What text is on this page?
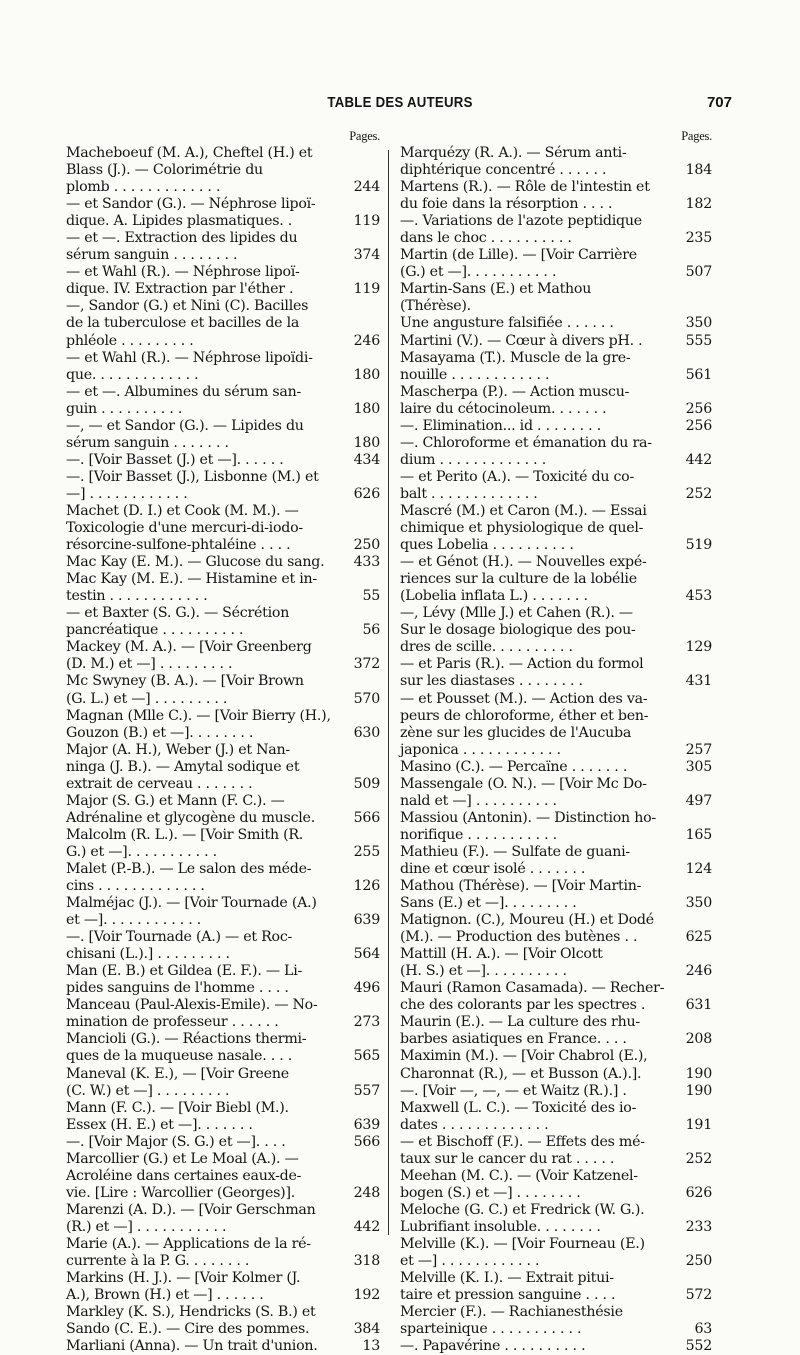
TABLE DES AUTEURS	707
Pages.
Macheboeuf (M. A.), Cheftel (H.) et
Blass (J.). — Colorimétrie du
plomb . . . . . . . . . . . . .	244
— et Sandor (G.). — Néphrose lipoï-
dique. A. Lipides plasmatiques. .	119
— et —. Extraction des lipides du
sérum sanguin . . . . . . . .	374
— et Wahl (R.). — Néphrose lipoï-
dique. IV. Extraction par l'éther .	119
—, Sandor (G.) et Nini (C). Bacilles
de la tuberculose et bacilles de la
phléole . . . . . . . . .	246
— et Wahl (R.). — Néphrose lipoïdi-
que. . . . . . . . . . . . .	180
— et —. Albumines du sérum san-
guin . . . . . . . . . .	180
—, — et Sandor (G.). — Lipides du
sérum sanguin . . . . . . .	180
—. [Voir Basset (J.) et —]. . . . . .	434
—. [Voir Basset (J.), Lisbonne (M.) et
—] . . . . . . . . . . . .	626
Machet (D. I.) et Cook (M. M.). —
Toxicologie d'une mercuri-di-iodo-
résorcine-sulfone-phtaléine . . . .	250
Mac Kay (E. M.). — Glucose du sang.	433
Mac Kay (M. E.). — Histamine et in-
testin . . . . . . . . . . . .	55
— et Baxter (S. G.). — Sécrétion
pancréatique . . . . . . . . . .	56
Mackey (M. A.). — [Voir Greenberg
(D. M.) et —] . . . . . . . . .	372
Mc Swyney (B. A.). — [Voir Brown
(G. L.) et —] . . . . . . . . .	570
Magnan (Mlle C.). — [Voir Bierry (H.),
Gouzon (B.) et —]. . . . . . . .	630
Major (A. H.), Weber (J.) et Nan-
ninga (J. B.). — Amytal sodique et
extrait de cerveau . . . . . . .	509
Major (S. G.) et Mann (F. C.). —
Adrénaline et glycogène du muscle.	566
Malcolm (R. L.). — [Voir Smith (R.
G.) et —]. . . . . . . . . . .	255
Malet (P.-B.). — Le salon des méde-
cins . . . . . . . . . . . . .	126
Malméjac (J.). — [Voir Tournade (A.)
et —]. . . . . . . . . . . .	639
—. [Voir Tournade (A.) — et Roc-
chisani (L.).] . . . . . . . . .	564
Man (E. B.) et Gildea (E. F.). — Li-
pides sanguins de l'homme . . . .	496
Manceau (Paul-Alexis-Emile). — No-
mination de professeur . . . . . .	273
Mancioli (G.). — Réactions thermi-
ques de la muqueuse nasale. . . .	565
Maneval (K. E.), — [Voir Greene
(C. W.) et —] . . . . . . . . .	557
Mann (F. C.). — [Voir Biebl (M.).
Essex (H. E.) et —]. . . . . . .	639
—. [Voir Major (S. G.) et —]. . . .	566
Marcollier (G.) et Le Moal (A.). —
Acroléine dans certaines eaux-de-
vie. [Lire : Warcollier (Georges)].	248
Marenzi (A. D.). — [Voir Gerschman
(R.) et —] . . . . . . . . . . .	442
Marie (A.). — Applications de la ré-
currente à la P. G. . . . . . . .	318
Markins (H. J.). — [Voir Kolmer (J.
A.), Brown (H.) et —] . . . . . .	192
Markley (K. S.), Hendricks (S. B.) et
Sando (C. E.). — Cire des pommes.	384
Marliani (Anna). — Un trait d'union.	13
Pages.
Marquézy (R. A.). — Sérum anti-
diphtérique concentré . . . . . .	184
Martens (R.). — Rôle de l'intestin et
du foie dans la résorption . . . .	182
—. Variations de l'azote peptidique
dans le choc . . . . . . . . . .	235
Martin (de Lille). — [Voir Carrière
(G.) et —]. . . . . . . . . . .	507
Martin-Sans (E.) et Mathou (Thérèse).
Une angusture falsifiée . . . . . .	350
Martini (V.). — Cœur à divers pH. .	555
Masayama (T.). Muscle de la gre-
nouille . . . . . . . . . . . .	561
Mascherpa (P.). — Action muscu-
laire du cétocinoleum. . . . . . .	256
—. Elimination... id . . . . . . . .	256
—. Chloroforme et émanation du ra-
dium . . . . . . . . . . . . .	442
— et Perito (A.). — Toxicité du co-
balt . . . . . . . . . . . . .	252
Mascré (M.) et Caron (M.). — Essai
chimique et physiologique de quel-
ques Lobelia . . . . . . . . . .	519
— et Génot (H.). — Nouvelles expé-
riences sur la culture de la lobélie
(Lobelia inflata L.) . . . . . . .	453
—, Lévy (Mlle J.) et Cahen (R.). —
Sur le dosage biologique des pou-
dres de scille. . . . . . . . . .	129
— et Paris (R.). — Action du formol
sur les diastases . . . . . . . .	431
— et Pousset (M.). — Action des va-
peurs de chloroforme, éther et ben-
zène sur les glucides de l'Aucuba
japonica . . . . . . . . . . . .	257
Masino (C.). — Percaïne . . . . . . .	305
Massengale (O. N.). — [Voir Mc Do-
nald et —] . . . . . . . . . .	497
Massiou (Antonin). — Distinction ho-
norifique . . . . . . . . . . .	165
Mathieu (F.). — Sulfate de guani-
dine et cœur isolé . . . . . . .	124
Mathou (Thérèse). — [Voir Martin-
Sans (E.) et —]. . . . . . . . .	350
Matignon. (C.), Moureu (H.) et Dodé
(M.). — Production des butènes . .	625
Mattill (H. A.). — [Voir Olcott
(H. S.) et —]. . . . . . . . . .	246
Mauri (Ramon Casamada). — Recher-
che des colorants par les spectres .	631
Maurin (E.). — La culture des rhu-
barbes asiatiques en France. . . .	208
Maximin (M.). — [Voir Chabrol (E.),
Charonnat (R.), — et Busson (A.).].	190
—. [Voir —, —, — et Waitz (R.).] .	190
Maxwell (L. C.). — Toxicité des io-
dates . . . . . . . . . . . . .	191
— et Bischoff (F.). — Effets des mé-
taux sur le cancer du rat . . . . .	252
Meehan (M. C.). — (Voir Katzenel-
bogen (S.) et —] . . . . . . . .	626
Meloche (G. C.) et Fredrick (W. G.).
Lubrifiant insoluble. . . . . . . .	233
Melville (K.). — [Voir Fourneau (E.)
et —] . . . . . . . . . . . .	250
Melville (K. I.). — Extrait pitui-
taire et pression sanguine . . . .	572
Mercier (F.). — Rachianesthésie
sparteinique . . . . . . . . . . .	63
—. Papavérine . . . . . . . . . .	552
